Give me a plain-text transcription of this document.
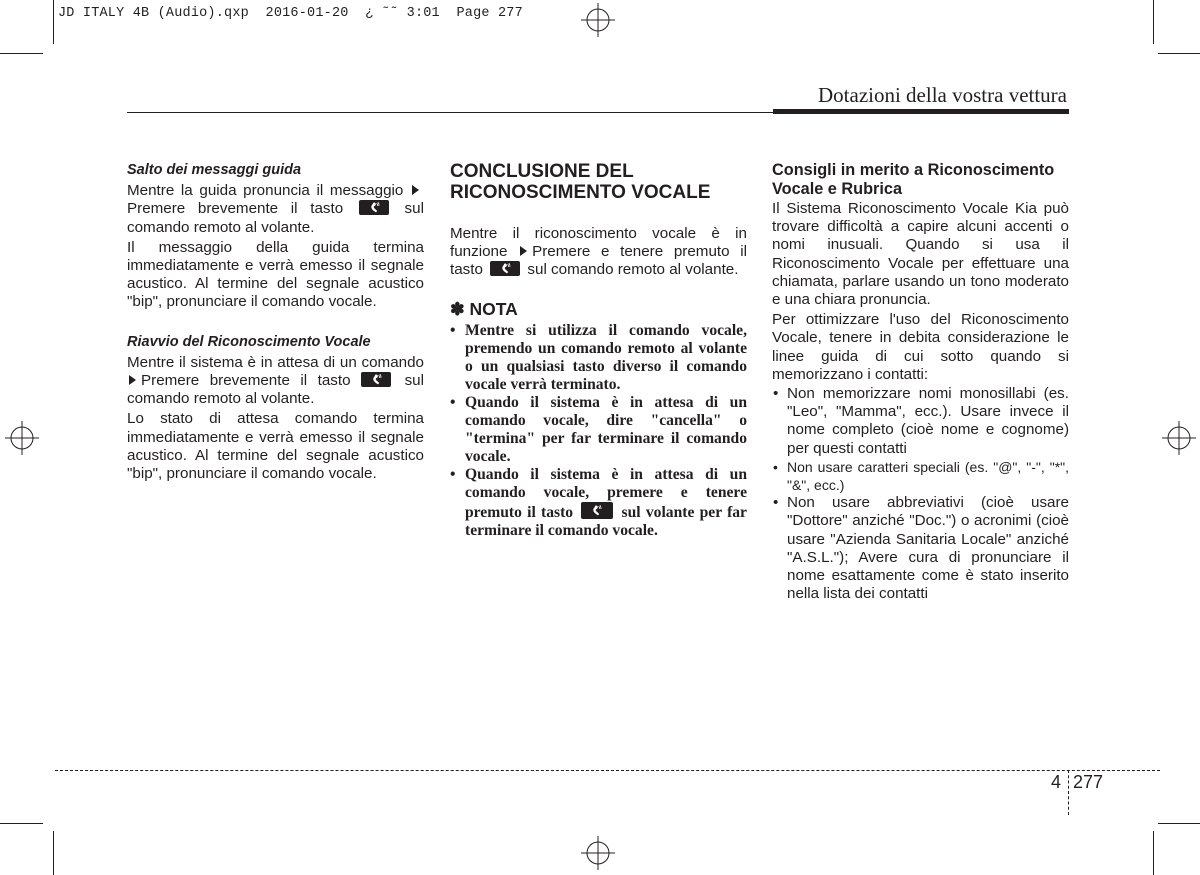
JD ITALY 4B (Audio).qxp  2016-01-20  ¿ ˜˜ 3:01  Page 277
Dotazioni della vostra vettura
Salto dei messaggi guida

Mentre la guida pronuncia il messaggio Premere brevemente il tasto	sul comando remoto al volante.

Il messaggio della guida termina immediatamente e verrà emesso il segnale acustico. Al termine del segnale acustico "bip", pronunciare il comando vocale.

Riavvio del Riconoscimento Vocale

Mentre il sistema è in attesa di un comando Premere brevemente il tasto	sul comando remoto al volante.

Lo stato di attesa comando termina immediatamente e verrà emesso il segnale acustico. Al termine del segnale acustico "bip", pronunciare il comando vocale.

CONCLUSIONE DEL RICONOSCIMENTO VOCALE

Mentre il riconoscimento vocale è in funzione Premere e tenere premuto il tasto	sul comando remoto al volante.

✽ NOTA
• Mentre si utilizza il comando vocale, premendo un comando remoto al volante o un qualsiasi tasto diverso il comando vocale verrà terminato.
• Quando il sistema è in attesa di un comando vocale, dire "cancella" o "termina" per far terminare il comando vocale.
• Quando il sistema è in attesa di un comando vocale, premere e tenere premuto il tasto	sul volante per far terminare il comando vocale.
Consigli in merito a Riconoscimento Vocale e Rubrica

Il Sistema Riconoscimento Vocale Kia può trovare difficoltà a capire alcuni accenti o nomi inusuali. Quando si usa il Riconoscimento Vocale per effettuare una chiamata, parlare usando un tono moderato e una chiara pronuncia.

Per ottimizzare l'uso del Riconoscimento Vocale, tenere in debita considerazione le linee guida di cui sotto quando si memorizzano i contatti:

• Non memorizzare nomi monosillabi (es. "Leo", "Mamma", ecc.). Usare invece il nome completo (cioè nome e cognome) per questi contatti
• Non usare caratteri speciali (es. "@", "-", "*", "&", ecc.)
• Non usare abbreviativi (cioè usare "Dottore" anziché "Doc.") o acronimi (cioè usare "Azienda Sanitaria Locale" anziché "A.S.L."); Avere cura di pronunciare il nome esattamente come è stato inserito nella lista dei contatti
4 277
